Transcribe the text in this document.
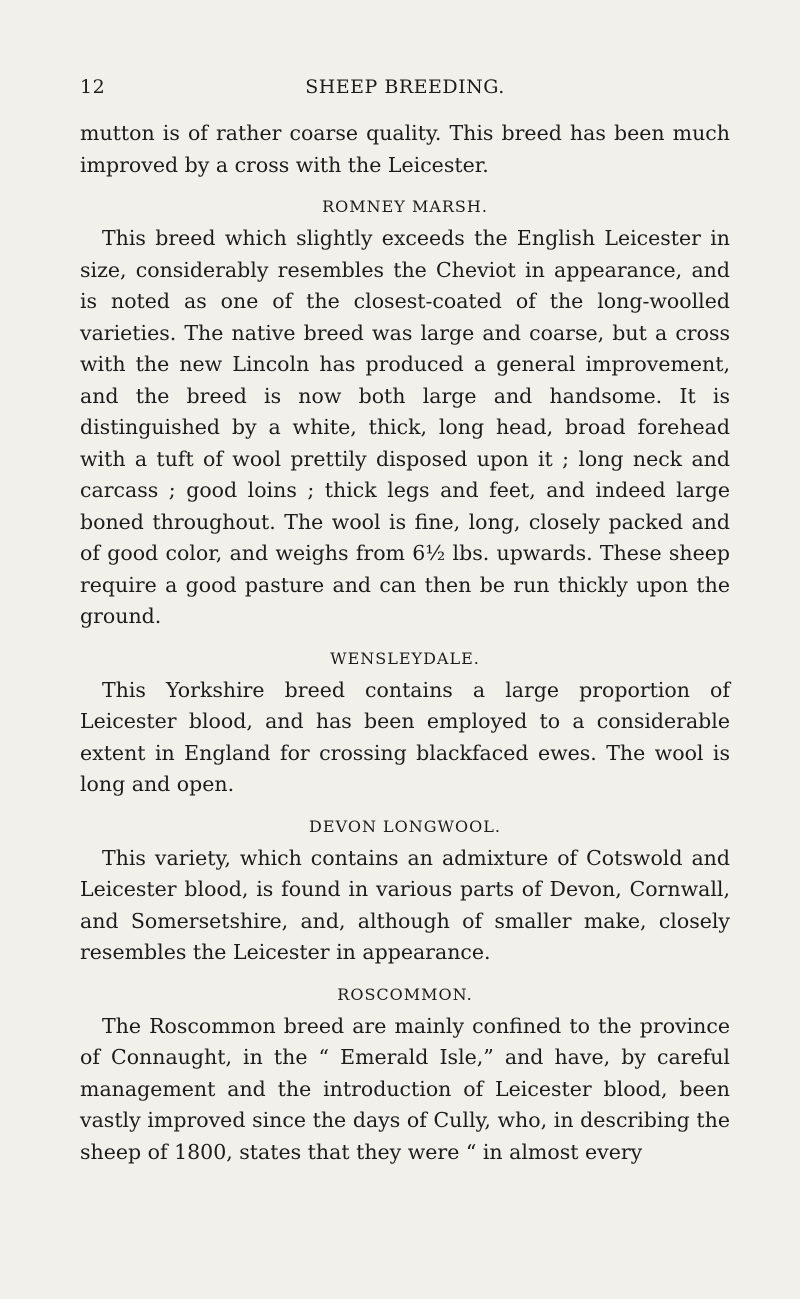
12	SHEEP BREEDING.

mutton is of rather coarse quality. This breed has been much improved by a cross with the Leicester.

ROMNEY MARSH.

This breed which slightly exceeds the English Leicester in size, considerably resembles the Cheviot in appearance, and is noted as one of the closest-coated of the long-woolled varieties. The native breed was large and coarse, but a cross with the new Lincoln has produced a general improvement, and the breed is now both large and handsome. It is distinguished by a white, thick, long head, broad forehead with a tuft of wool prettily disposed upon it ; long neck and carcass ; good loins ; thick legs and feet, and indeed large boned throughout. The wool is fine, long, closely packed and of good color, and weighs from 6½ lbs. upwards. These sheep require a good pasture and can then be run thickly upon the ground.

WENSLEYDALE.

This Yorkshire breed contains a large proportion of Leicester blood, and has been employed to a considerable extent in England for crossing blackfaced ewes. The wool is long and open.

DEVON LONGWOOL.

This variety, which contains an admixture of Cotswold and Leicester blood, is found in various parts of Devon, Cornwall, and Somersetshire, and, although of smaller make, closely resembles the Leicester in appearance.

ROSCOMMON.

The Roscommon breed are mainly confined to the province of Connaught, in the “ Emerald Isle,” and have, by careful management and the introduction of Leicester blood, been vastly improved since the days of Cully, who, in describing the sheep of 1800, states that they were “ in almost every
